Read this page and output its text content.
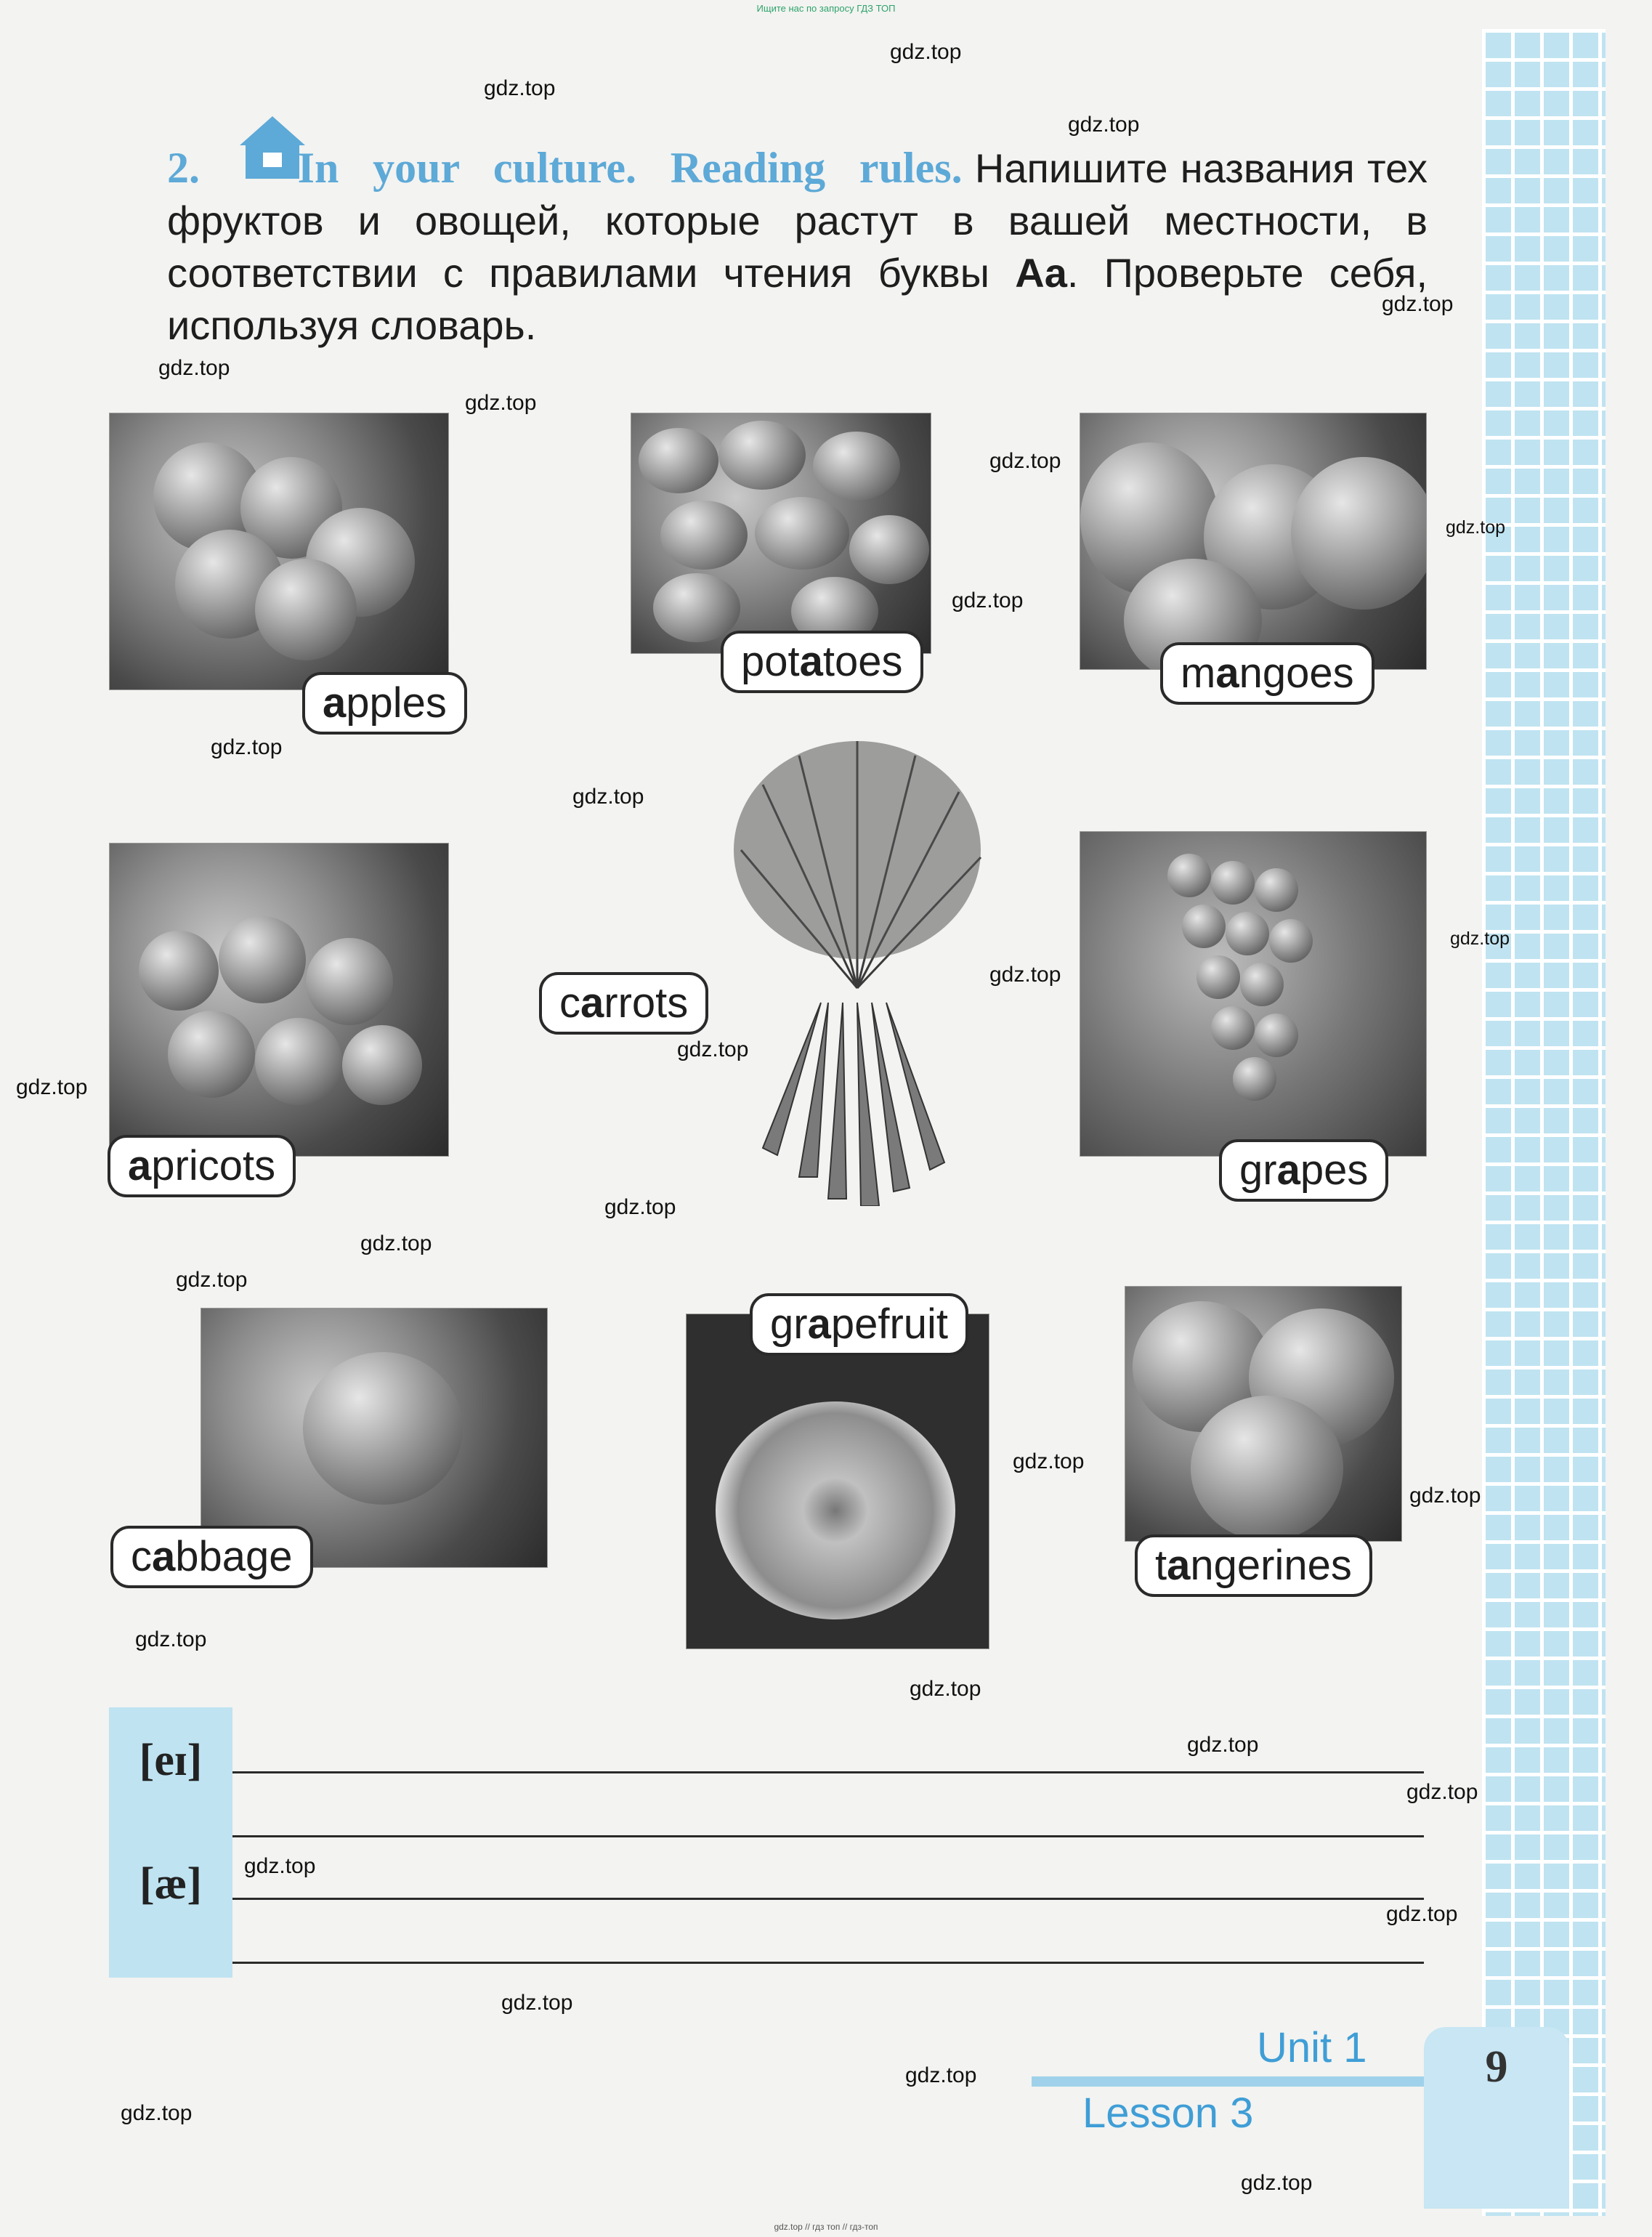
Ищите нас по запросу ГДЗ ТОП
2. In your culture. Reading rules. Напишите названия тех фруктов и овощей, которые растут в вашей местности, в соответствии с правилами чтения буквы Aa. Проверьте себя, используя словарь.
apples
potatoes	mangoes
apricots
carrots
grapes
cabbage
grapefruit
tangerines
[eɪ]
[æ]
Unit 1
Lesson 3
9
gdz.top
gdz.top
gdz.top
gdz.top
gdz.top
gdz.top
gdz.top
gdz.top
gdz.top
gdz.top
gdz.top
gdz.top
gdz.top
gdz.top
gdz.top
gdz.top
gdz.top
gdz.top
gdz.top
gdz.top
gdz.top
gdz.top
gdz.top
gdz.top
gdz.top
gdz.top
gdz.top
gdz.top
gdz.top
gdz.top
gdz.top // гдз топ // гдз-топ
